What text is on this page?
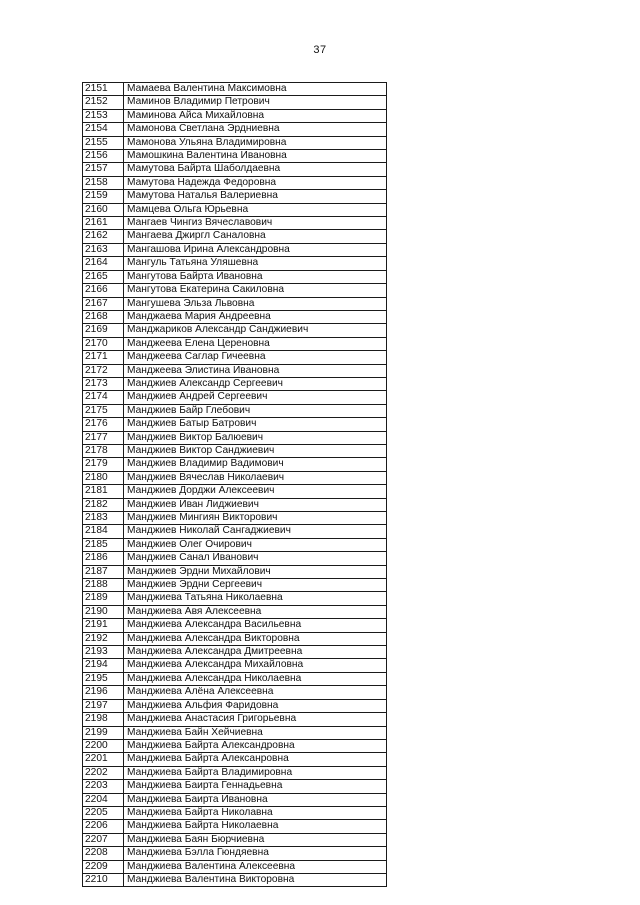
37
2151	Мамаева Валентина Максимовна
2152	Маминов Владимир Петрович
2153	Маминова Айса Михайловна
2154	Мамонова Светлана Эрдниевна
2155	Мамонова Ульяна Владимировна
2156	Мамошкина Валентина Ивановна
2157	Мамутова Байрта Шаболдаевна
2158	Мамутова Надежда Федоровна
2159	Мамутова Наталья Валериевна
2160	Мамцева Ольга Юрьевна
2161	Мангаев Чингиз Вячеславович
2162	Мангаева Джиргл Саналовна
2163	Мангашова Ирина Александровна
2164	Мангуль Татьяна Уляшевна
2165	Мангутова Байрта Ивановна
2166	Мангутова Екатерина Сакиловна
2167	Мангушева Эльза Львовна
2168	Манджаева Мария Андреевна
2169	Манджариков Александр Санджиевич
2170	Манджеева Елена Цереновна
2171	Манджеева Саглар Гичеевна
2172	Манджеева Элистина Ивановна
2173	Манджиев Александр Сергеевич
2174	Манджиев Андрей Сергеевич
2175	Манджиев Байр Глебович
2176	Манджиев Батыр Батрович
2177	Манджиев Виктор Балюевич
2178	Манджиев Виктор Санджиевич
2179	Манджиев Владимир Вадимович
2180	Манджиев Вячеслав Николаевич
2181	Манджиев Дорджи Алексеевич
2182	Манджиев Иван Лиджиевич
2183	Манджиев Мингиян Викторович
2184	Манджиев Николай Сангаджиевич
2185	Манджиев Олег Очирович
2186	Манджиев Санал Иванович
2187	Манджиев Эрдни Михайлович
2188	Манджиев Эрдни Сергеевич
2189	Манджиева Татьяна Николаевна
2190	Манджиева Авя Алексеевна
2191	Манджиева Александра Васильевна
2192	Манджиева Александра Викторовна
2193	Манджиева Александра Дмитреевна
2194	Манджиева Александра Михайловна
2195	Манджиева Александра Николаевна
2196	Манджиева Алёна Алексеевна
2197	Манджиева Альфия Фаридовна
2198	Манджиева Анастасия Григорьевна
2199	Манджиева Байн Хейчиевна
2200	Манджиева Байрта Александровна
2201	Манджиева Байрта Алексанровна
2202	Манджиева Байрта Владимировна
2203	Манджиева Баирта Геннадьевна
2204	Манджиева Баирта Ивановна
2205	Манджиева Байрта Николавна
2206	Манджиева Байрта Николаевна
2207	Манджиева Баян Бюрчиевна
2208	Манджиева Бэлла Гюндяевна
2209	Манджиева Валентина Алексеевна
2210	Манджиева Валентина Викторовна
